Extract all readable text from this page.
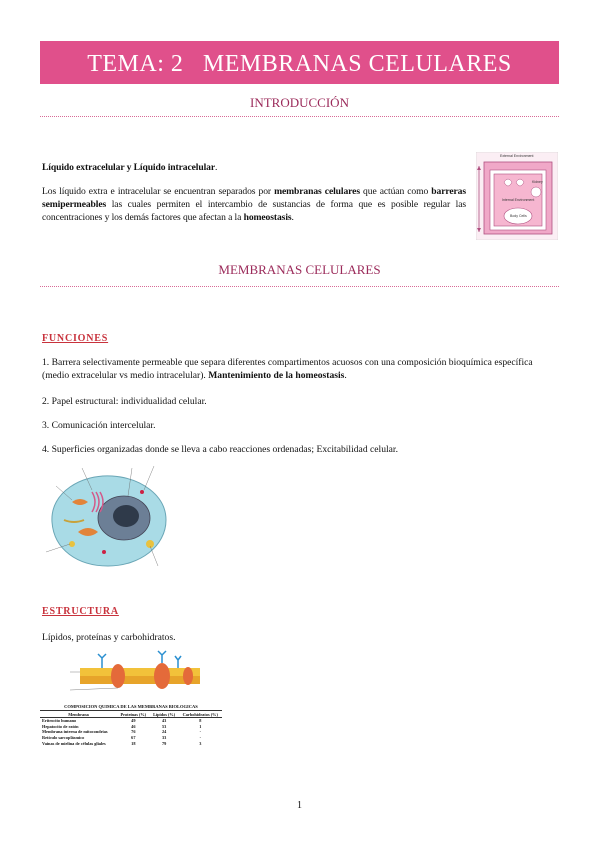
TEMA: 2   MEMBRANAS CELULARES
INTRODUCCIÓN
Líquido extracelular y Líquido intracelular.
Los líquido extra e intracelular se encuentran separados por membranas celulares que actúan como barreras semipermeables las cuales permiten el intercambio de sustancias de forma que es posible regular las concentraciones y los demás factores que afectan a la homeostasis.
External Environment
Internal Environment
Kidney
Body Cells
MEMBRANAS CELULARES
FUNCIONES
1. Barrera selectivamente permeable que separa diferentes compartimentos acuosos con una composición bioquímica específica (medio extracelular vs medio intracelular). Mantenimiento de la homeostasis.
2. Papel estructural: individualidad celular.
3. Comunicación intercelular.
4. Superficies organizadas donde se lleva a cabo reacciones ordenadas; Excitabilidad celular.
ESTRUCTURA
Lípidos, proteínas y carbohidratos.
COMPOSICION QUIMICA DE LAS MEMBRANAS BIOLOGICAS
Membrana	Proteínas (%)	Lípidos (%)	Carbohidratos (%)
Eritrocito humano	49	43	8
Hepatocito de ratón	46	53	1
Membrana interna de mitocondrias	76	24	-
Retículo sarcoplásmico	67	33	-
Vainas de mielina de células gliales	18	79	3
1
